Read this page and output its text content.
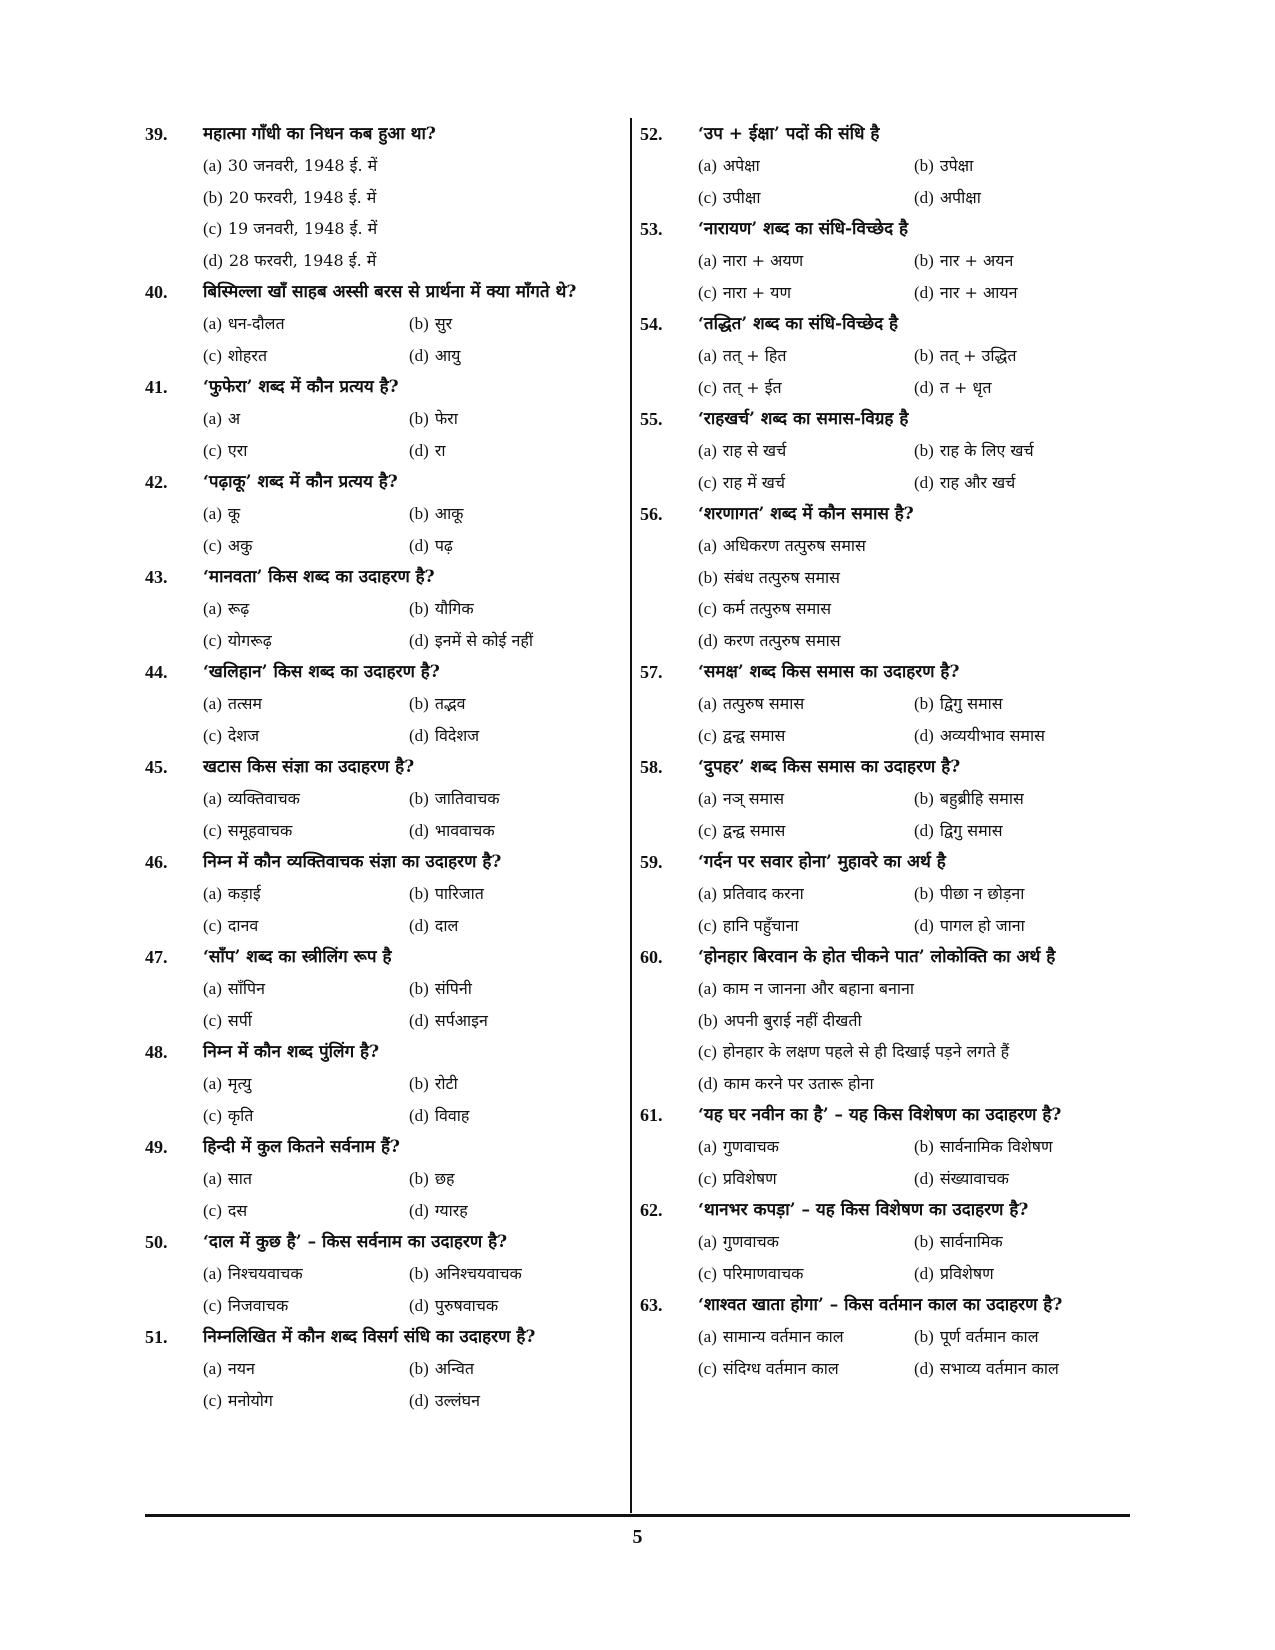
39.	महात्मा गाँधी का निधन कब हुआ था?
(a) 30 जनवरी, 1948 ई. में
(b) 20 फरवरी, 1948 ई. में
(c) 19 जनवरी, 1948 ई. में
(d) 28 फरवरी, 1948 ई. में
40.	बिस्मिल्ला खाँ साहब अस्सी बरस से प्रार्थना में क्या माँगते थे?
(a) धन-दौलत	(b) सुर
(c) शोहरत	(d) आयु
41.	‘फुफेरा’ शब्द में कौन प्रत्यय है?
(a) अ	(b) फेरा
(c) एरा	(d) रा
42.	‘पढ़ाकू’ शब्द में कौन प्रत्यय है?
(a) कू	(b) आकू
(c) अकु	(d) पढ़
43.	‘मानवता’ किस शब्द का उदाहरण है?
(a) रूढ़	(b) यौगिक
(c) योगरूढ़	(d) इनमें से कोई नहीं
44.	‘खलिहान’ किस शब्द का उदाहरण है?
(a) तत्सम	(b) तद्भव
(c) देशज	(d) विदेशज
45.	खटास किस संज्ञा का उदाहरण है?
(a) व्यक्तिवाचक	(b) जातिवाचक
(c) समूहवाचक	(d) भाववाचक
46.	निम्न में कौन व्यक्तिवाचक संज्ञा का उदाहरण है?
(a) कड़ाई	(b) पारिजात
(c) दानव	(d) दाल
47.	‘साँप’ शब्द का स्त्रीलिंग रूप है
(a) साँपिन	(b) संपिनी
(c) सर्पी	(d) सर्पआइन
48.	निम्न में कौन शब्द पुंलिंग है?
(a) मृत्यु	(b) रोटी
(c) कृति	(d) विवाह
49.	हिन्दी में कुल कितने सर्वनाम हैं?
(a) सात	(b) छह
(c) दस	(d) ग्यारह
50.	‘दाल में कुछ है’ – किस सर्वनाम का उदाहरण है?
(a) निश्चयवाचक	(b) अनिश्चयवाचक
(c) निजवाचक	(d) पुरुषवाचक
51.	निम्नलिखित में कौन शब्द विसर्ग संधि का उदाहरण है?
(a) नयन	(b) अन्वित
(c) मनोयोग	(d) उल्लंघन
52.	‘उप + ईक्षा’ पदों की संधि है
(a) अपेक्षा	(b) उपेक्षा
(c) उपीक्षा	(d) अपीक्षा
53.	‘नारायण’ शब्द का संधि-विच्छेद है
(a) नारा + अयण	(b) नार + अयन
(c) नारा + यण	(d) नार + आयन
54.	‘तद्धित’ शब्द का संधि-विच्छेद है
(a) तत् + हित	(b) तत् + उद्धित
(c) तत् + ईत	(d) त + धृत
55.	‘राहखर्च’ शब्द का समास-विग्रह है
(a) राह से खर्च	(b) राह के लिए खर्च
(c) राह में खर्च	(d) राह और खर्च
56.	‘शरणागत’ शब्द में कौन समास है?
(a) अधिकरण तत्पुरुष समास
(b) संबंध तत्पुरुष समास
(c) कर्म तत्पुरुष समास
(d) करण तत्पुरुष समास
57.	‘समक्ष’ शब्द किस समास का उदाहरण है?
(a) तत्पुरुष समास	(b) द्विगु समास
(c) द्वन्द्व समास	(d) अव्ययीभाव समास
58.	‘दुपहर’ शब्द किस समास का उदाहरण है?
(a) नञ् समास	(b) बहुब्रीहि समास
(c) द्वन्द्व समास	(d) द्विगु समास
59.	‘गर्दन पर सवार होना’ मुहावरे का अर्थ है
(a) प्रतिवाद करना	(b) पीछा न छोड़ना
(c) हानि पहुँचाना	(d) पागल हो जाना
60.	‘होनहार बिरवान के होत चीकने पात’ लोकोक्ति का अर्थ है
(a) काम न जानना और बहाना बनाना
(b) अपनी बुराई नहीं दीखती
(c) होनहार के लक्षण पहले से ही दिखाई पड़ने लगते हैं
(d) काम करने पर उतारू होना
61.	‘यह घर नवीन का है’ – यह किस विशेषण का उदाहरण है?
(a) गुणवाचक	(b) सार्वनामिक विशेषण
(c) प्रविशेषण	(d) संख्यावाचक
62.	‘थानभर कपड़ा’ – यह किस विशेषण का उदाहरण है?
(a) गुणवाचक	(b) सार्वनामिक
(c) परिमाणवाचक	(d) प्रविशेषण
63.	‘शाश्वत खाता होगा’ – किस वर्तमान काल का उदाहरण है?
(a) सामान्य वर्तमान काल	(b) पूर्ण वर्तमान काल
(c) संदिग्ध वर्तमान काल	(d) सभाव्य वर्तमान काल
5
